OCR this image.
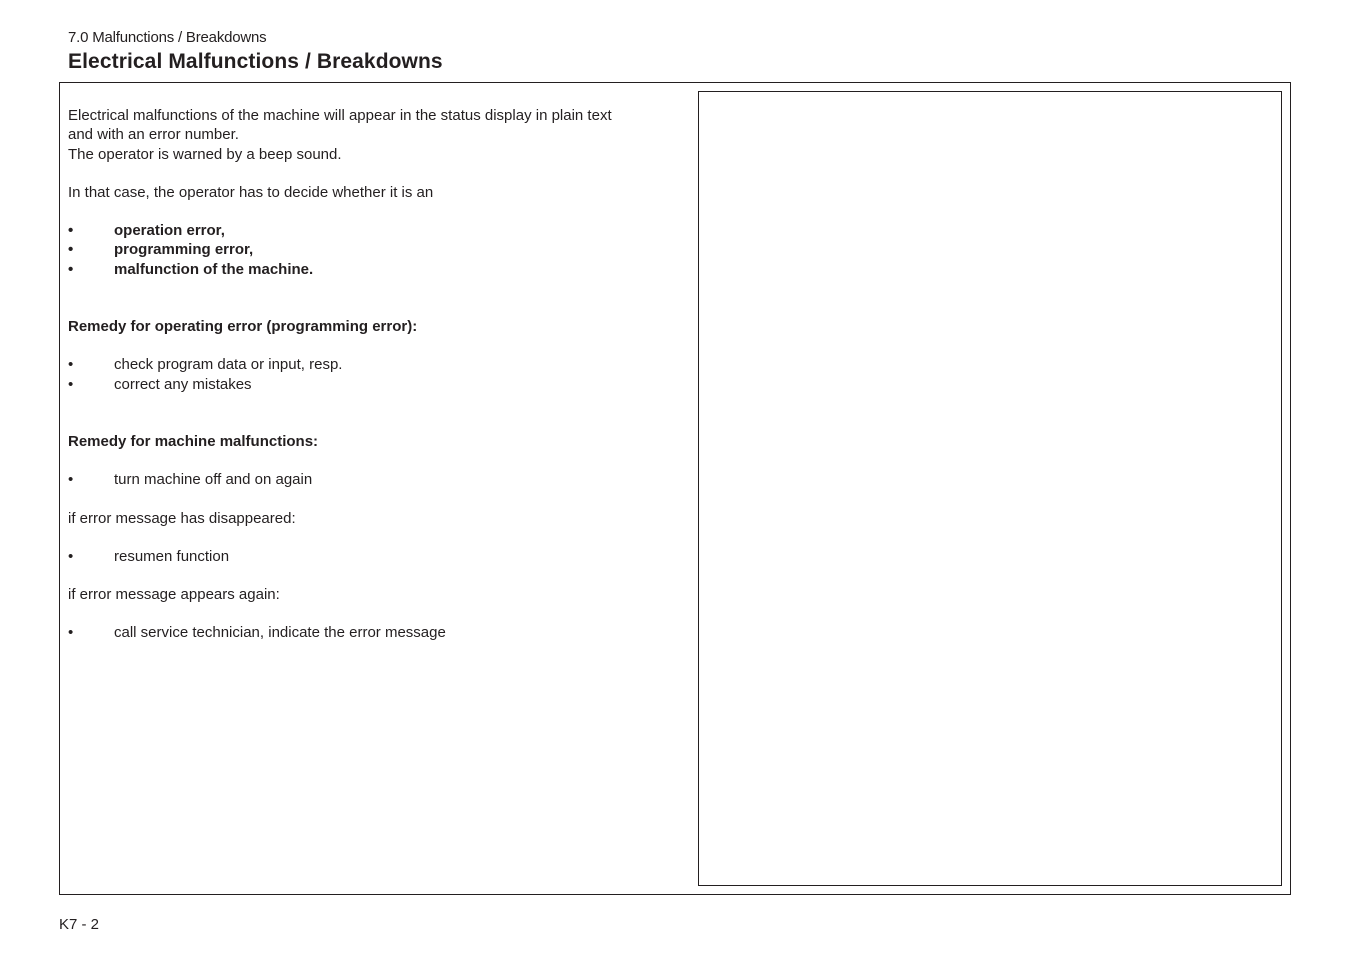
7.0 Malfunctions / Breakdowns
Electrical Malfunctions / Breakdowns

Electrical malfunctions of the machine will appear in the status display in plain text

and with an error number.

The operator is warned by a beep sound.

In that case, the operator has to decide whether it is an

•	operation error,
•	programming error,
•	malfunction of the machine.

Remedy for operating error (programming error):

•	check program data or input, resp.
•	correct any mistakes

Remedy for machine malfunctions:

•	turn machine off and on again

if error message has disappeared:

•	resumen function

if error message appears again:

•	call service technician, indicate the error message
K7 - 2
